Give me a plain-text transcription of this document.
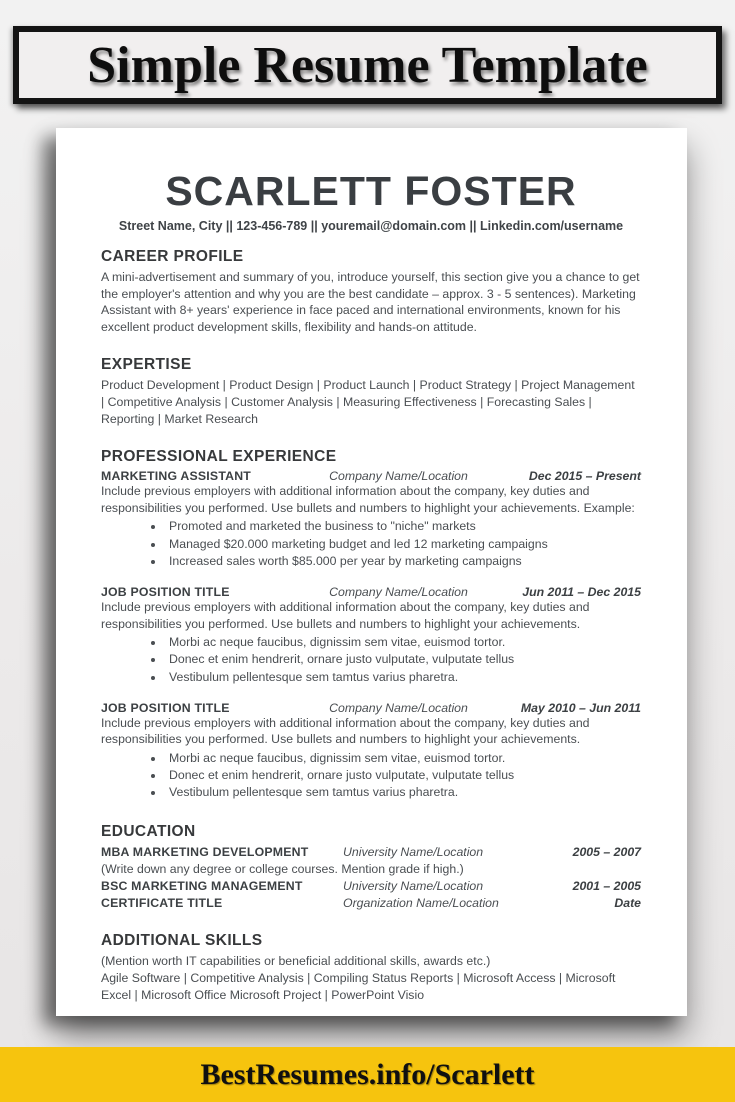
Simple Resume Template
SCARLETT FOSTER
Street Name, City || 123-456-789 || youremail@domain.com || Linkedin.com/username
CAREER PROFILE

A mini-advertisement and summary of you, introduce yourself, this section give you a chance to get the employer's attention and why you are the best candidate – approx. 3 - 5 sentences). Marketing Assistant with 8+ years' experience in face paced and international environments, known for his excellent product development skills, flexibility and hands-on attitude.

EXPERTISE

Product Development | Product Design | Product Launch | Product Strategy | Project Management | Competitive Analysis | Customer Analysis | Measuring Effectiveness | Forecasting Sales | Reporting | Market Research

PROFESSIONAL EXPERIENCE
MARKETING ASSISTANT	Company Name/Location	Dec 2015 – Present

Include previous employers with additional information about the company, key duties and responsibilities you performed. Use bullets and numbers to highlight your achievements. Example:

• Promoted and marketed the business to "niche" markets
• Managed $20.000 marketing budget and led 12 marketing campaigns
• Increased sales worth $85.000 per year by marketing campaigns
JOB POSITION TITLE	Company Name/Location	Jun 2011 – Dec 2015

Include previous employers with additional information about the company, key duties and responsibilities you performed. Use bullets and numbers to highlight your achievements.

• Morbi ac neque faucibus, dignissim sem vitae, euismod tortor.
• Donec et enim hendrerit, ornare justo vulputate, vulputate tellus
• Vestibulum pellentesque sem tamtus varius pharetra.
JOB POSITION TITLE	Company Name/Location	May 2010 – Jun 2011

Include previous employers with additional information about the company, key duties and responsibilities you performed. Use bullets and numbers to highlight your achievements.

• Morbi ac neque faucibus, dignissim sem vitae, euismod tortor.
• Donec et enim hendrerit, ornare justo vulputate, vulputate tellus
• Vestibulum pellentesque sem tamtus varius pharetra.
EDUCATION
MBA MARKETING DEVELOPMENT	University Name/Location	2005 – 2007
(Write down any degree or college courses. Mention grade if high.)
BSC MARKETING MANAGEMENT	University Name/Location	2001 – 2005
CERTIFICATE TITLE	Organization Name/Location	Date
ADDITIONAL SKILLS

(Mention worth IT capabilities or beneficial additional skills, awards etc.)

Agile Software | Competitive Analysis | Compiling Status Reports | Microsoft Access | Microsoft Excel | Microsoft Office Microsoft Project | PowerPoint Visio

BestResumes.info/Scarlett
